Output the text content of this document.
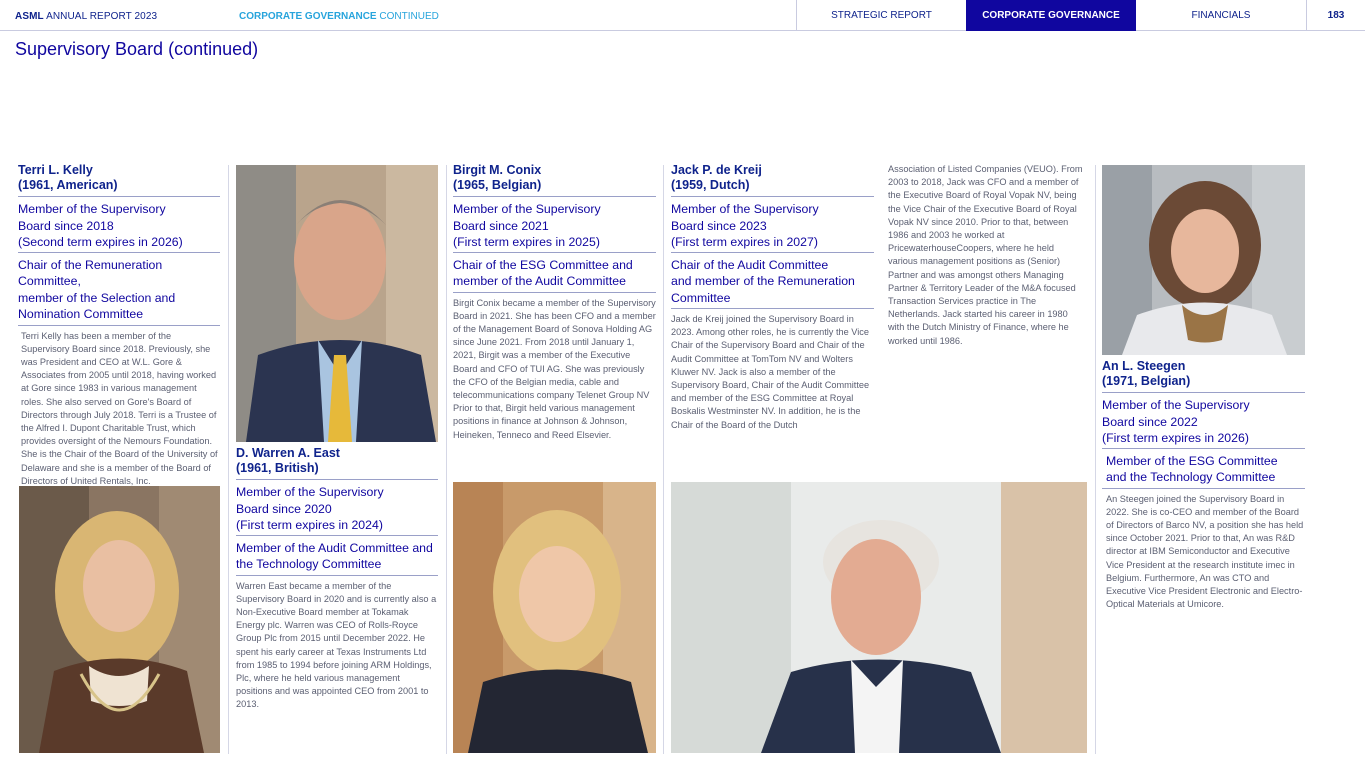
ASML ANNUAL REPORT 2023	CORPORATE GOVERNANCE CONTINUED	STRATEGIC REPORT	CORPORATE GOVERNANCE	FINANCIALS	183
Supervisory Board (continued)
Terri L. Kelly
(1961, American)
Member of the Supervisory
Board since 2018
(Second term expires in 2026)
Chair of the Remuneration Committee,
member of the Selection and
Nomination Committee
Terri Kelly has been a member of the Supervisory Board since 2018. Previously, she was President and CEO at W.L. Gore & Associates from 2005 until 2018, having worked at Gore since 1983 in various management roles. She also served on Gore's Board of Directors through July 2018. Terri is a Trustee of the Alfred I. Dupont Charitable Trust, which provides oversight of the Nemours Foundation. She is the Chair of the Board of the University of Delaware and she is a member of the Board of Directors of United Rentals, Inc.
D. Warren A. East
(1961, British)
Member of the Supervisory
Board since 2020
(First term expires in 2024)
Member of the Audit Committee and
the Technology Committee
Warren East became a member of the Supervisory Board in 2020 and is currently also a Non-Executive Board member at Tokamak Energy plc. Warren was CEO of Rolls-Royce Group Plc from 2015 until December 2022. He spent his early career at Texas Instruments Ltd from 1985 to 1994 before joining ARM Holdings, Plc, where he held various management positions and was appointed CEO from 2001 to 2013.
Birgit M. Conix
(1965, Belgian)
Member of the Supervisory
Board since 2021
(First term expires in 2025)
Chair of the ESG Committee and
member of the Audit Committee
Birgit Conix became a member of the Supervisory Board in 2021. She has been CFO and a member of the Management Board of Sonova Holding AG since June 2021. From 2018 until January 1, 2021, Birgit was a member of the Executive Board and CFO of TUI AG. She was previously the CFO of the Belgian media, cable and telecommunications company Telenet Group NV Prior to that, Birgit held various management positions in finance at Johnson & Johnson, Heineken, Tenneco and Reed Elsevier.
Jack P. de Kreij
(1959, Dutch)
Member of the Supervisory
Board since 2023
(First term expires in 2027)
Chair of the Audit Committee
and member of the Remuneration
Committee
Jack de Kreij joined the Supervisory Board in 2023. Among other roles, he is currently the Vice Chair of the Supervisory Board and Chair of the Audit Committee at TomTom NV and Wolters Kluwer NV. Jack is also a member of the Supervisory Board, Chair of the Audit Committee and member of the ESG Committee at Royal Boskalis Westminster NV. In addition, he is the Chair of the Board of the Dutch
Association of Listed Companies (VEUO). From 2003 to 2018, Jack was CFO and a member of the Executive Board of Royal Vopak NV, being the Vice Chair of the Executive Board of Royal Vopak NV since 2010. Prior to that, between 1986 and 2003 he worked at PricewaterhouseCoopers, where he held various management positions as (Senior) Partner and was amongst others Managing Partner & Territory Leader of the M&A focused Transaction Services practice in The Netherlands. Jack started his career in 1980 with the Dutch Ministry of Finance, where he worked until 1986.
An L. Steegen
(1971, Belgian)
Member of the Supervisory
Board since 2022
(First term expires in 2026)
Member of the ESG Committee
and the Technology Committee
An Steegen joined the Supervisory Board in 2022. She is co-CEO and member of the Board of Directors of Barco NV, a position she has held since October 2021. Prior to that, An was R&D director at IBM Semiconductor and Executive Vice President at the research institute imec in Belgium. Furthermore, An was CTO and Executive Vice President Electronic and Electro-Optical Materials at Umicore.
